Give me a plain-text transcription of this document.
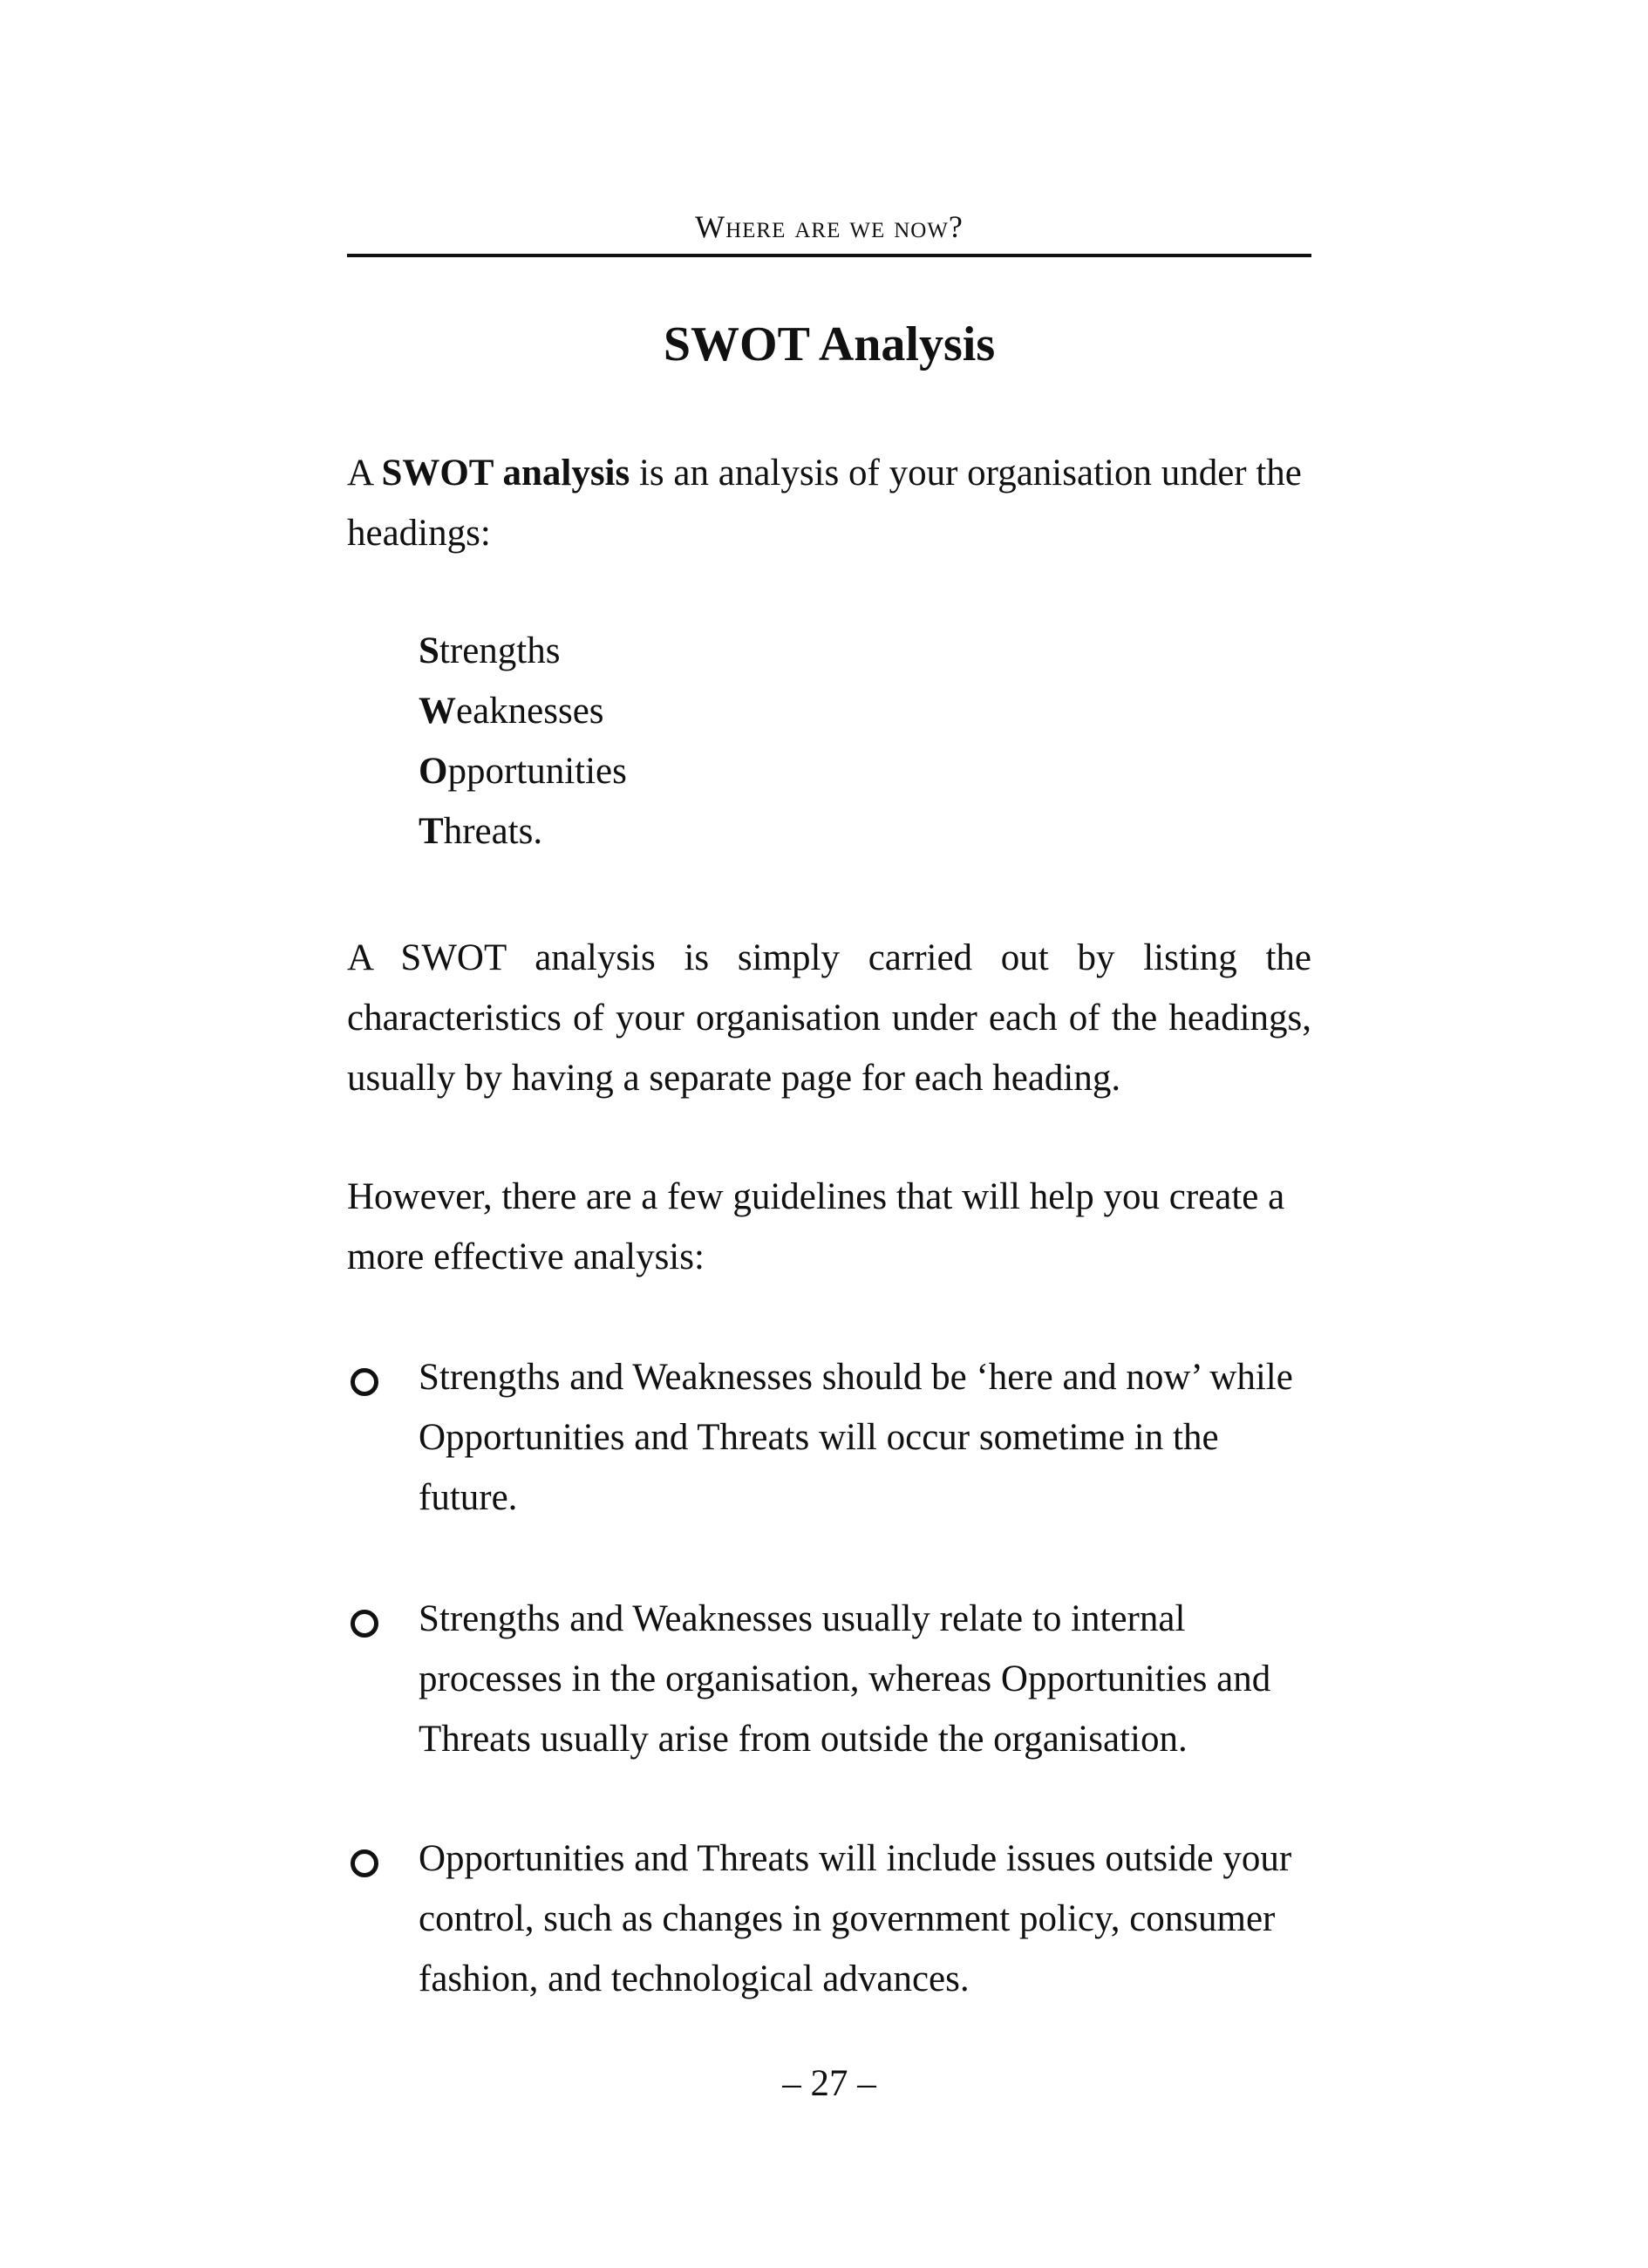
Where are we now?
SWOT Analysis

A SWOT analysis is an analysis of your organisation under the headings:

Strengths
Weaknesses
Opportunities
Threats.

A SWOT analysis is simply carried out by listing the characteristics of your organisation under each of the headings, usually by having a separate page for each heading.

However, there are a few guidelines that will help you create a more effective analysis:

Strengths and Weaknesses should be ‘here and now’ while Opportunities and Threats will occur sometime in the future.

Strengths and Weaknesses usually relate to internal processes in the organisation, whereas Opportunities and Threats usually arise from outside the organisation.

Opportunities and Threats will include issues outside your control, such as changes in government policy, consumer fashion, and technological advances.

– 27 –
